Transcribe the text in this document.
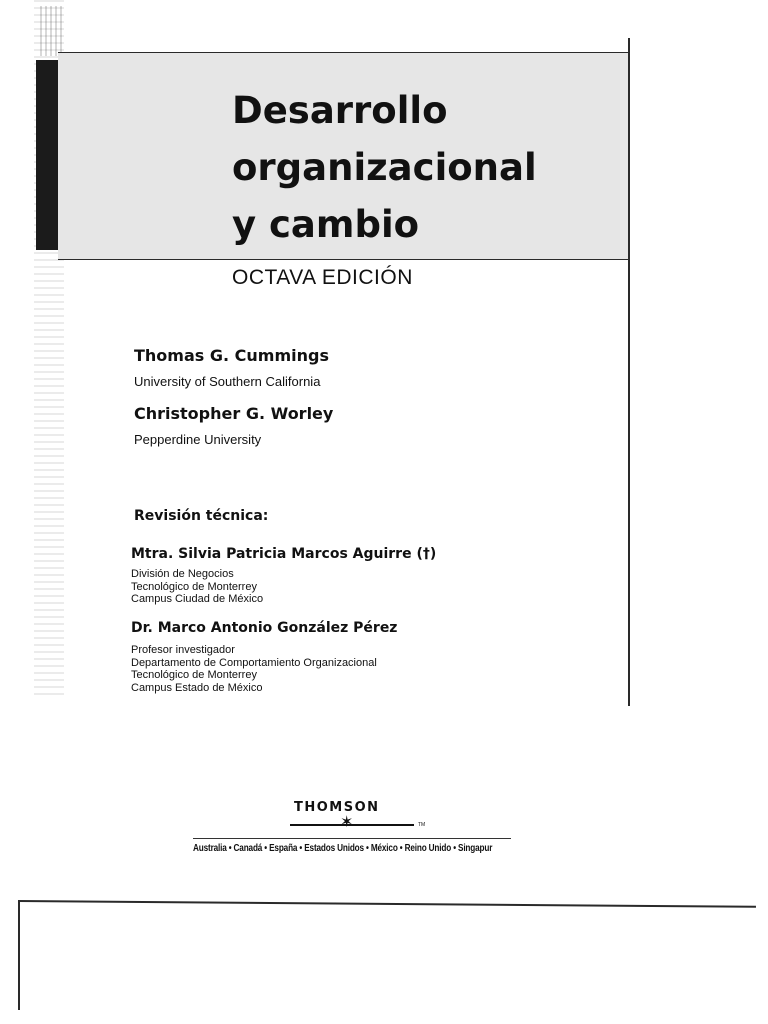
Desarrollo
organizacional
y cambio
OCTAVA EDICIÓN
Thomas G. Cummings
University of Southern California
Christopher G. Worley
Pepperdine University
Revisión técnica:
Mtra. Silvia Patricia Marcos Aguirre (†)
División de Negocios
Tecnológico de Monterrey
Campus Ciudad de México
Dr. Marco Antonio González Pérez
Profesor investigador
Departamento de Comportamiento Organizacional
Tecnológico de Monterrey
Campus Estado de México
THOMSON
✶	TM
Australia • Canadá • España • Estados Unidos • México • Reino Unido • Singapur
